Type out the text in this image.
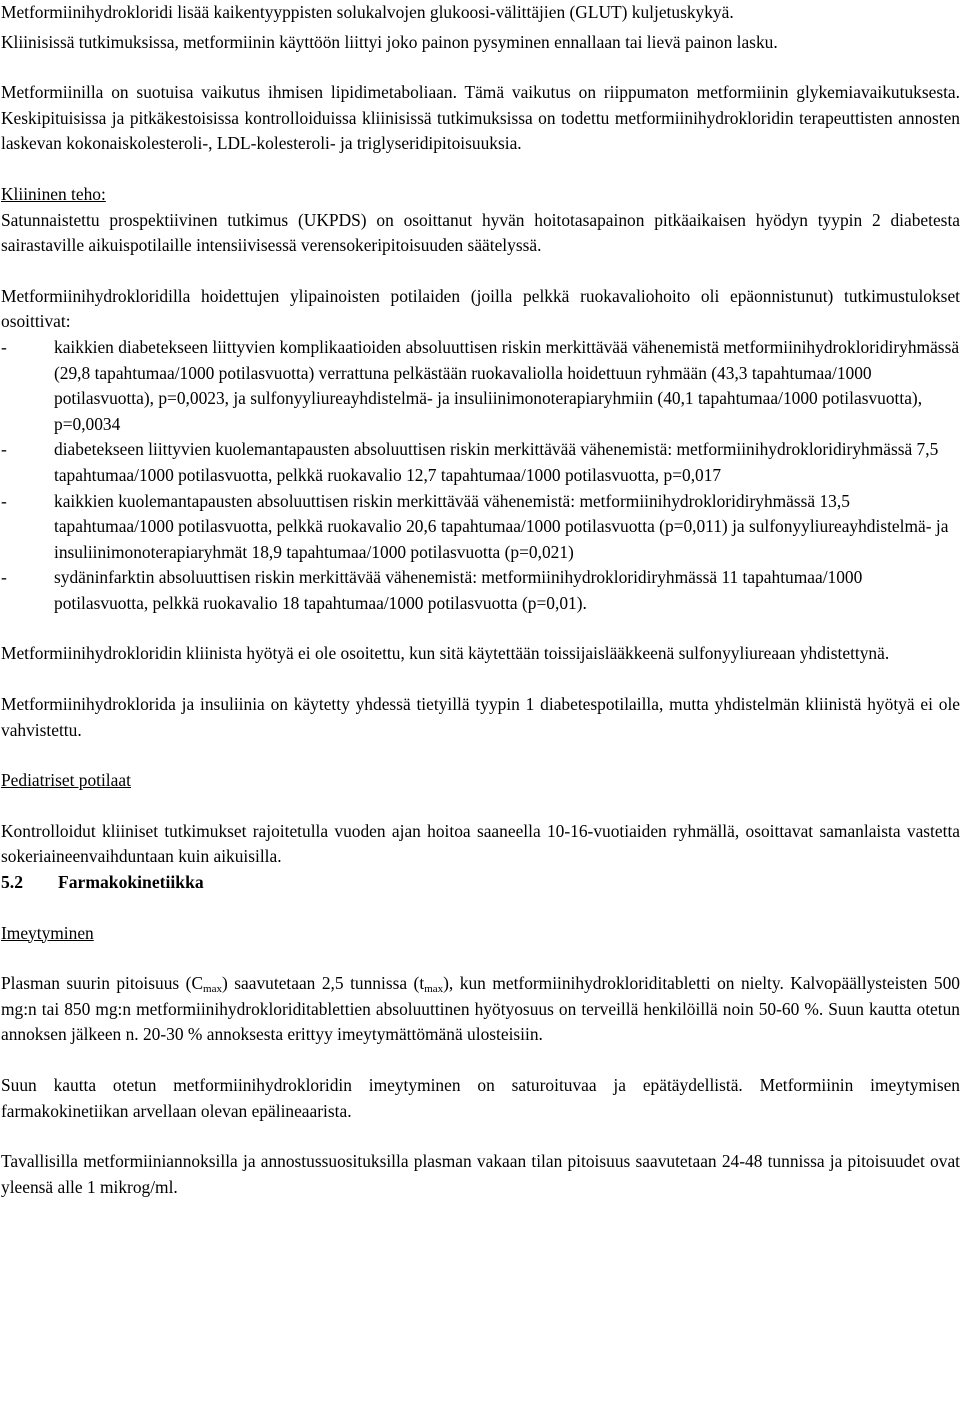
Metformiinihydrokloridi lisää kaikentyyppisten solukalvojen glukoosi-välittäjien (GLUT) kuljetuskykyä.

Kliinisissä tutkimuksissa, metformiinin käyttöön liittyi joko painon pysyminen ennallaan tai lievä painon lasku.

Metformiinilla on suotuisa vaikutus ihmisen lipidimetaboliaan. Tämä vaikutus on riippumaton metformiinin glykemiavaikutuksesta. Keskipituisissa ja pitkäkestoisissa kontrolloiduissa kliinisissä tutkimuksissa on todettu metformiinihydrokloridin terapeuttisten annosten laskevan kokonaiskolesteroli-, LDL-kolesteroli- ja triglyseridipitoisuuksia.

Kliininen teho:

Satunnaistettu prospektiivinen tutkimus (UKPDS) on osoittanut hyvän hoitotasapainon pitkäaikaisen hyödyn tyypin 2 diabetesta sairastaville aikuispotilaille intensiivisessä verensokeripitoisuuden säätelyssä.

Metformiinihydrokloridilla hoidettujen ylipainoisten potilaiden (joilla pelkkä ruokavaliohoito oli epäonnistunut) tutkimustulokset osoittivat:

-	kaikkien diabetekseen liittyvien komplikaatioiden absoluuttisen riskin merkittävää vähenemistä metformiinihydrokloridiryhmässä (29,8 tapahtumaa/1000 potilasvuotta) verrattuna pelkästään ruokavaliolla hoidettuun ryhmään (43,3 tapahtumaa/1000 potilasvuotta), p=0,0023, ja sulfonyyliureayhdistelmä- ja insuliinimonoterapiaryhmiin (40,1 tapahtumaa/1000 potilasvuotta), p=0,0034
-	diabetekseen liittyvien kuolemantapausten absoluuttisen riskin merkittävää vähenemistä: metformiinihydrokloridiryhmässä 7,5 tapahtumaa/1000 potilasvuotta, pelkkä ruokavalio 12,7 tapahtumaa/1000 potilasvuotta, p=0,017
-	kaikkien kuolemantapausten absoluuttisen riskin merkittävää vähenemistä: metformiinihydrokloridiryhmässä 13,5 tapahtumaa/1000 potilasvuotta, pelkkä ruokavalio 20,6 tapahtumaa/1000 potilasvuotta (p=0,011) ja sulfonyyliureayhdistelmä- ja insuliinimonoterapiaryhmät 18,9 tapahtumaa/1000 potilasvuotta (p=0,021)
-	sydäninfarktin absoluuttisen riskin merkittävää vähenemistä: metformiinihydrokloridiryhmässä 11 tapahtumaa/1000 potilasvuotta, pelkkä ruokavalio 18 tapahtumaa/1000 potilasvuotta (p=0,01).

Metformiinihydrokloridin kliinista hyötyä ei ole osoitettu, kun sitä käytettään toissijaislääkkeenä sulfonyyliureaan yhdistettynä.

Metformiinihydroklorida ja insuliinia on käytetty yhdessä tietyillä tyypin 1 diabetespotilailla, mutta yhdistelmän kliinistä hyötyä ei ole vahvistettu.

Pediatriset potilaat

Kontrolloidut kliiniset tutkimukset rajoitetulla vuoden ajan hoitoa saaneella 10-16-vuotiaiden ryhmällä, osoittavat samanlaista vastetta sokeriaineenvaihduntaan kuin aikuisilla.

5.2 Farmakokinetiikka

Imeytyminen

Plasman suurin pitoisuus $(C_{max})$ saavutetaan 2,5 tunnissa $(t_{max})$, kun metformiinihydrokloriditabletti on nielty. Kalvopäällysteisten 500 mg:n tai 850 mg:n metformiinihydrokloriditablettien absoluuttinen hyötyosuus on terveillä henkilöillä noin 50-60 %. Suun kautta otetun annoksen jälkeen n. 20-30 % annoksesta erittyy imeytymättömänä ulosteisiin.

Suun kautta otetun metformiinihydrokloridin imeytyminen on saturoituvaa ja epätäydellistä. Metformiinin imeytymisen farmakokinetiikan arvellaan olevan epälineaarista.

Tavallisilla metformiiniannoksilla ja annostussuosituksilla plasman vakaan tilan pitoisuus saavutetaan 24-48 tunnissa ja pitoisuudet ovat yleensä alle 1 mikrog/ml.
